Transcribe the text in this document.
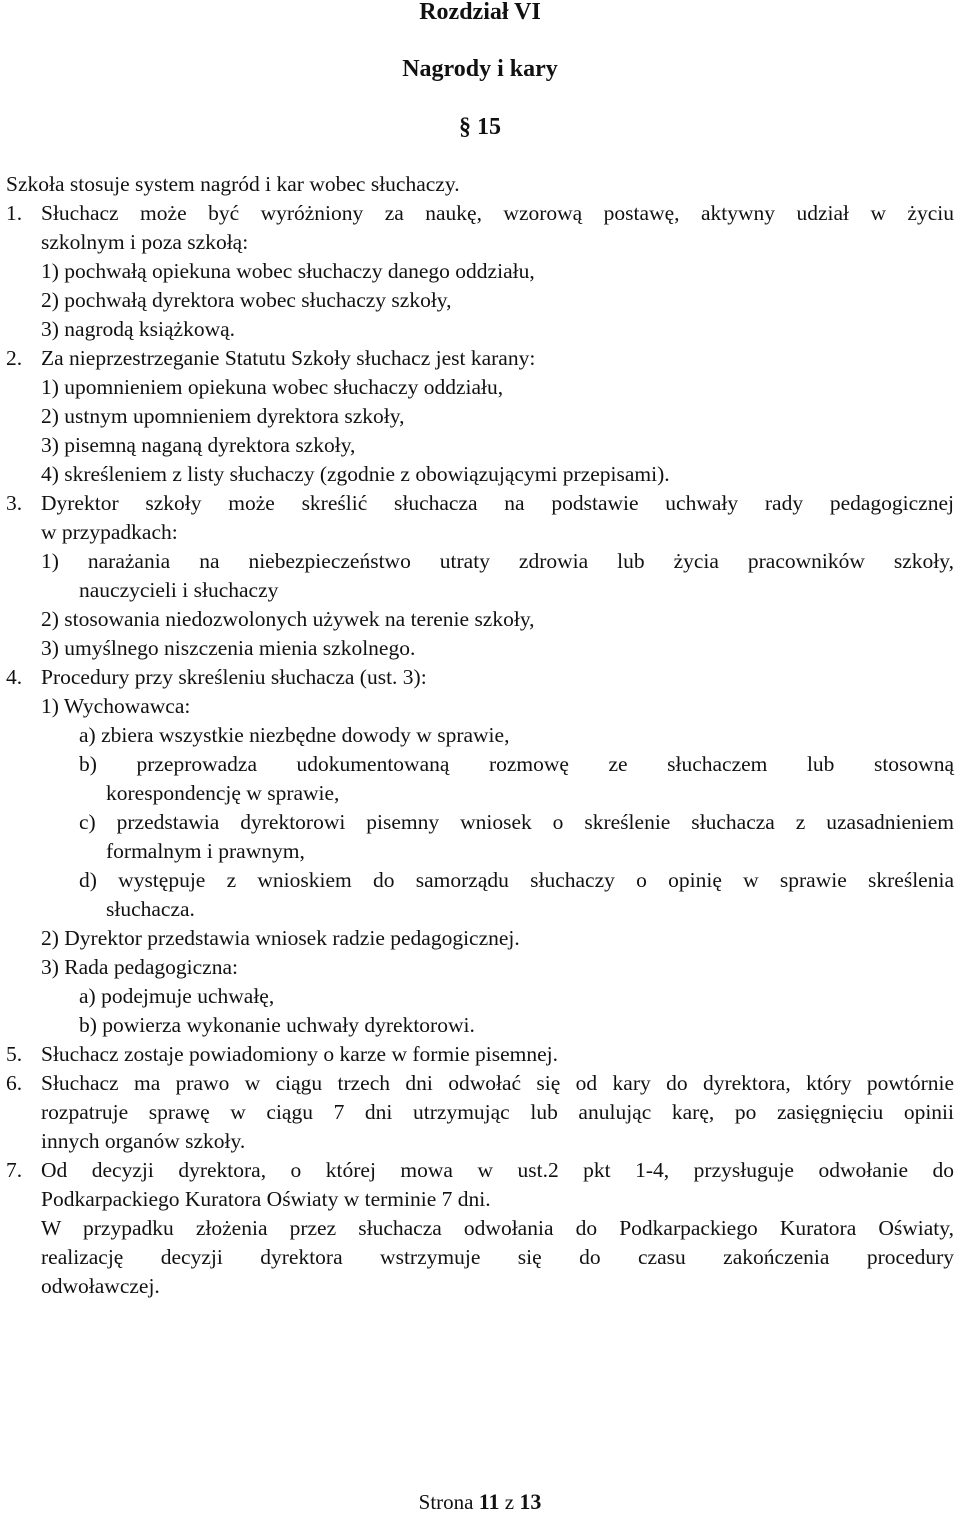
Rozdział VI
Nagrody i kary
§ 15
Szkoła stosuje system nagród i kar wobec słuchaczy.
1. Słuchacz może być wyróżniony za naukę, wzorową postawę, aktywny udział w życiu
szkolnym i poza szkołą:
1) pochwałą opiekuna wobec słuchaczy danego oddziału,
2) pochwałą dyrektora wobec słuchaczy szkoły,
3) nagrodą książkową.
2. Za nieprzestrzeganie Statutu Szkoły słuchacz jest karany:
1) upomnieniem opiekuna wobec słuchaczy oddziału,
2) ustnym upomnieniem dyrektora szkoły,
3) pisemną naganą dyrektora szkoły,
4) skreśleniem z listy słuchaczy (zgodnie z obowiązującymi przepisami).
3. Dyrektor szkoły może skreślić słuchacza na podstawie uchwały rady pedagogicznej
w przypadkach:
1) narażania na niebezpieczeństwo utraty zdrowia lub życia pracowników szkoły,
nauczycieli i słuchaczy
2) stosowania niedozwolonych używek na terenie szkoły,
3) umyślnego niszczenia mienia szkolnego.
4. Procedury przy skreśleniu słuchacza (ust. 3):
1) Wychowawca:
a) zbiera wszystkie niezbędne dowody w sprawie,
b) przeprowadza udokumentowaną rozmowę ze słuchaczem lub stosowną
korespondencję w sprawie,
c) przedstawia dyrektorowi pisemny wniosek o skreślenie słuchacza z uzasadnieniem
formalnym i prawnym,
d) występuje z wnioskiem do samorządu słuchaczy o opinię w sprawie skreślenia
słuchacza.
2) Dyrektor przedstawia wniosek radzie pedagogicznej.
3) Rada pedagogiczna:
a) podejmuje uchwałę,
b) powierza wykonanie uchwały dyrektorowi.
5. Słuchacz zostaje powiadomiony o karze w formie pisemnej.
6. Słuchacz ma prawo w ciągu trzech dni odwołać się od kary do dyrektora, który powtórnie
rozpatruje sprawę w ciągu 7 dni utrzymując lub anulując karę, po zasięgnięciu opinii
innych organów szkoły.
7. Od decyzji dyrektora, o której mowa w ust.2 pkt 1-4, przysługuje odwołanie do
Podkarpackiego Kuratora Oświaty w terminie 7 dni.
W przypadku złożenia przez słuchacza odwołania do Podkarpackiego Kuratora Oświaty,
realizację decyzji dyrektora wstrzymuje się do czasu zakończenia procedury
odwoławczej.
Strona 11 z 13
